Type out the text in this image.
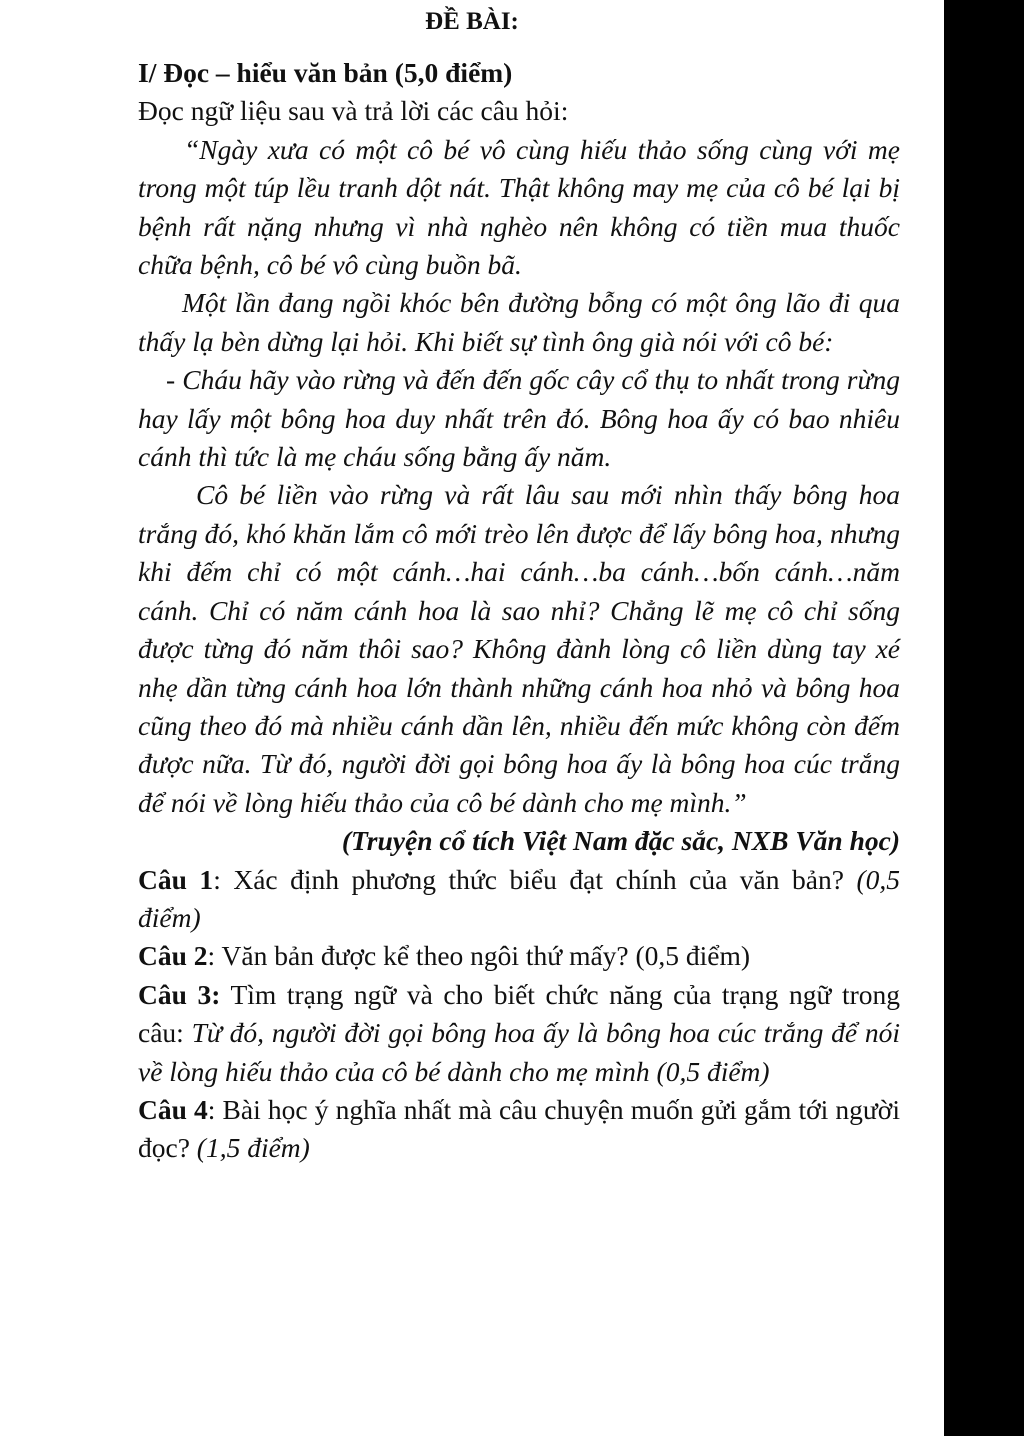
ĐỀ BÀI:

I/ Đọc – hiểu văn bản (5,0 điểm)

Đọc ngữ liệu sau và trả lời các câu hỏi:

“Ngày xưa có một cô bé vô cùng hiếu thảo sống cùng với mẹ trong một túp lều tranh dột nát. Thật không may mẹ của cô bé lại bị bệnh rất nặng nhưng vì nhà nghèo nên không có tiền mua thuốc chữa bệnh, cô bé vô cùng buồn bã.

Một lần đang ngồi khóc bên đường bỗng có một ông lão đi qua thấy lạ bèn dừng lại hỏi. Khi biết sự tình ông già nói với cô bé:

- Cháu hãy vào rừng và đến đến gốc cây cổ thụ to nhất trong rừng hay lấy một bông hoa duy nhất trên đó. Bông hoa ấy có bao nhiêu cánh thì tức là mẹ cháu sống bằng ấy năm.

Cô bé liền vào rừng và rất lâu sau mới nhìn thấy bông hoa trắng đó, khó khăn lắm cô mới trèo lên được để lấy bông hoa, nhưng khi đếm chỉ có một cánh…hai cánh…ba cánh…bốn cánh…năm cánh. Chỉ có năm cánh hoa là sao nhỉ? Chẳng lẽ mẹ cô chỉ sống được từng đó năm thôi sao? Không đành lòng cô liền dùng tay xé nhẹ dần từng cánh hoa lớn thành những cánh hoa nhỏ và bông hoa cũng theo đó mà nhiều cánh dần lên, nhiều đến mức không còn đếm được nữa. Từ đó, người đời gọi bông hoa ấy là bông hoa cúc trắng để nói về lòng hiếu thảo của cô bé dành cho mẹ mình.”

(Truyện cổ tích Việt Nam đặc sắc, NXB Văn học)

Câu 1: Xác định phương thức biểu đạt chính của văn bản? (0,5 điểm)

Câu 2: Văn bản được kể theo ngôi thứ mấy? (0,5 điểm)

Câu 3: Tìm trạng ngữ và cho biết chức năng của trạng ngữ trong câu: Từ đó, người đời gọi bông hoa ấy là bông hoa cúc trắng để nói về lòng hiếu thảo của cô bé dành cho mẹ mình (0,5 điểm)

Câu 4: Bài học ý nghĩa nhất mà câu chuyện muốn gửi gắm tới người đọc? (1,5 điểm)
